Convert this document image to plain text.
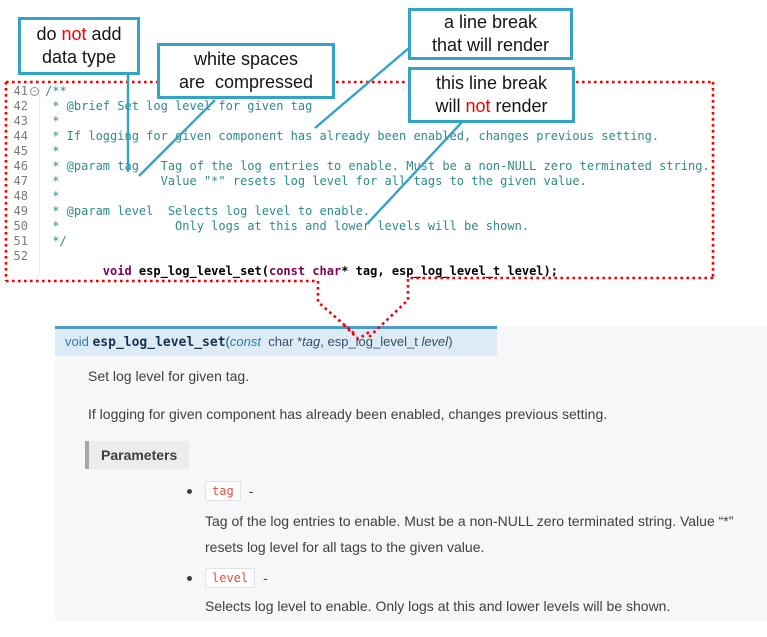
41
42
43
44
45
46
47
48
49
50
51
52
- /**
* @brief Set log level for given tag
*
* If logging for given component has already been enabled, changes previous setting.
*
* @param tag   Tag of the log entries to enable. Must be a non-NULL zero terminated string.
*              Value "*" resets log level for all tags to the given value.
*
* @param level  Selects log level to enable.
*                Only logs at this and lower levels will be shown.
*/

void esp_log_level_set(const char* tag, esp_log_level_t level);

void esp_log_level_set(const char *tag, esp_log_level_t level)
Set log level for given tag.
If logging for given component has already been enabled, changes previous setting.
Parameters
tag	-
Tag of the log entries to enable. Must be a non-NULL zero terminated string. Value “*”
resets log level for all tags to the given value.
level	-
Selects log level to enable. Only logs at this and lower levels will be shown.
do not add
data type	white spaces
are  compressed
a line break
that will render
this line break
will not render
